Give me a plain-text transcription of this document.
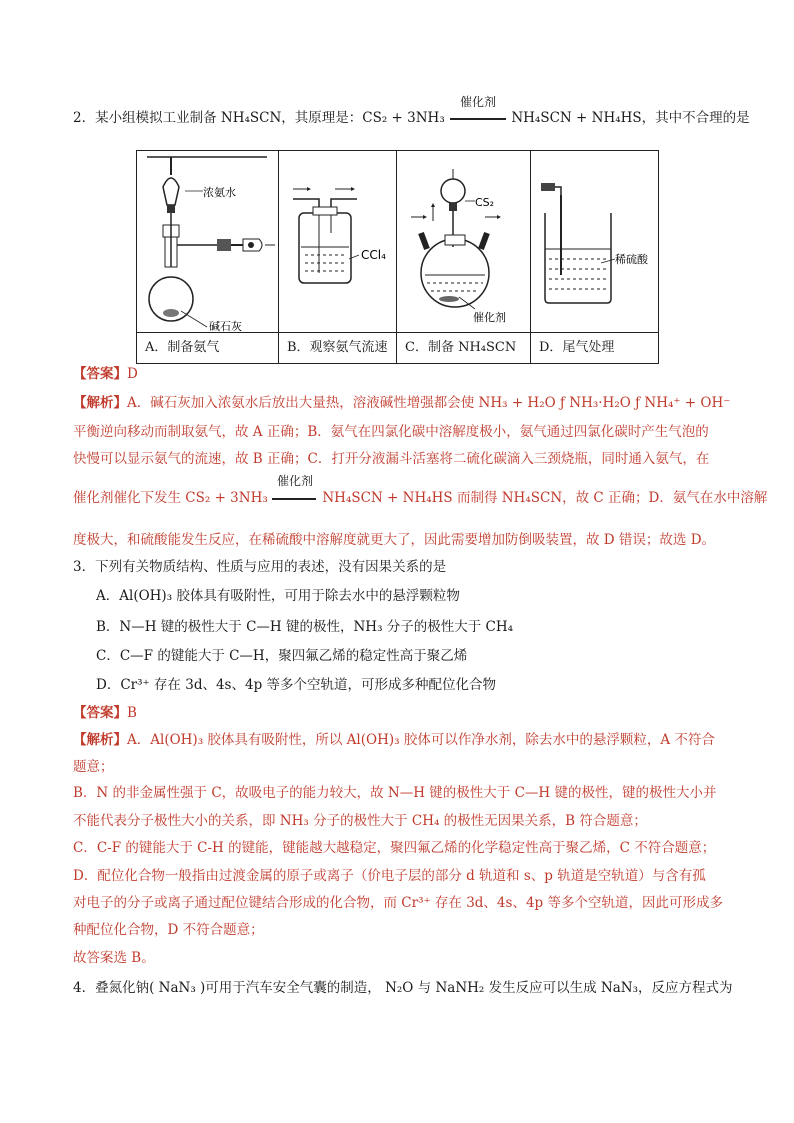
2．某小组模拟工业制备 NH₄SCN，其原理是：CS₂ + 3NH₃
催化剂
NH₄SCN + NH₄HS，其中不合理的是
浓氨水
碱石灰	CCl₄	CS₂
催化剂	稀硫酸

A．制备氨气	B．观察氨气流速	C．制备 NH₄SCN	D．尾气处理
【答案】D
【解析】A．碱石灰加入浓氨水后放出大量热，溶液碱性增强都会使 NH₃ + H₂O ƒ NH₃·H₂O ƒ NH₄⁺ + OH⁻
平衡逆向移动而制取氨气，故 A 正确；B．氨气在四氯化碳中溶解度极小，氨气通过四氯化碳时产生气泡的
快慢可以显示氨气的流速，故 B 正确；C．打开分液漏斗活塞将二硫化碳滴入三颈烧瓶，同时通入氨气，在
催化剂催化下发生 CS₂ + 3NH₃
催化剂
NH₄SCN + NH₄HS 而制得 NH₄SCN，故 C 正确；D．氨气在水中溶解
度极大，和硫酸能发生反应，在稀硫酸中溶解度就更大了，因此需要增加防倒吸装置，故 D 错误；故选 D。
3．下列有关物质结构、性质与应用的表述，没有因果关系的是
A．Al(OH)₃ 胶体具有吸附性，可用于除去水中的悬浮颗粒物
B．N—H 键的极性大于 C—H 键的极性，NH₃ 分子的极性大于 CH₄
C．C—F 的键能大于 C—H，聚四氟乙烯的稳定性高于聚乙烯
D．Cr³⁺ 存在 3d、4s、4p 等多个空轨道，可形成多种配位化合物
【答案】B
【解析】A．Al(OH)₃ 胶体具有吸附性，所以 Al(OH)₃ 胶体可以作净水剂，除去水中的悬浮颗粒，A 不符合
题意；
B．N 的非金属性强于 C，故吸电子的能力较大，故 N—H 键的极性大于 C—H 键的极性，键的极性大小并
不能代表分子极性大小的关系，即 NH₃ 分子的极性大于 CH₄ 的极性无因果关系，B 符合题意；
C．C-F 的键能大于 C-H 的键能，键能越大越稳定，聚四氟乙烯的化学稳定性高于聚乙烯，C 不符合题意；
D．配位化合物一般指由过渡金属的原子或离子（价电子层的部分 d 轨道和 s、p 轨道是空轨道）与含有孤
对电子的分子或离子通过配位键结合形成的化合物，而 Cr³⁺ 存在 3d、4s、4p 等多个空轨道，因此可形成多
种配位化合物，D 不符合题意；
故答案选 B。
4．叠氮化钠( NaN₃ )可用于汽车安全气囊的制造， N₂O 与 NaNH₂ 发生反应可以生成 NaN₃，反应方程式为
